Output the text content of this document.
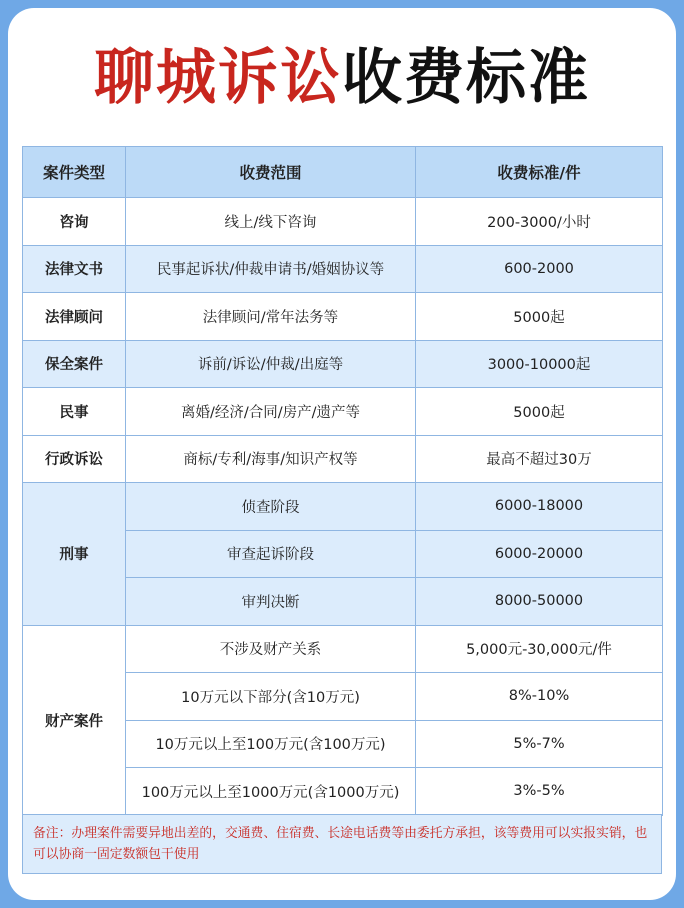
聊城诉讼收费标准
案件类型	收费范围	收费标准/件
咨询	线上/线下咨询	200-3000/小时
法律文书	民事起诉状/仲裁申请书/婚姻协议等	600-2000
法律顾问	法律顾问/常年法务等	5000起
保全案件	诉前/诉讼/仲裁/出庭等	3000-10000起
民事	离婚/经济/合同/房产/遗产等	5000起
行政诉讼	商标/专利/海事/知识产权等	最高不超过30万
刑事	侦查阶段	6000-18000
	审查起诉阶段	6000-20000
	审判决断	8000-50000
财产案件	不涉及财产关系	5,000元-30,000元/件
	10万元以下部分(含10万元)	8%-10%
	10万元以上至100万元(含100万元)	5%-7%
	100万元以上至1000万元(含1000万元)	3%-5%
备注：办理案件需要异地出差的，交通费、住宿费、长途电话费等由委托方承担，该等费用可以实报实销，也可以协商一固定数额包干使用
